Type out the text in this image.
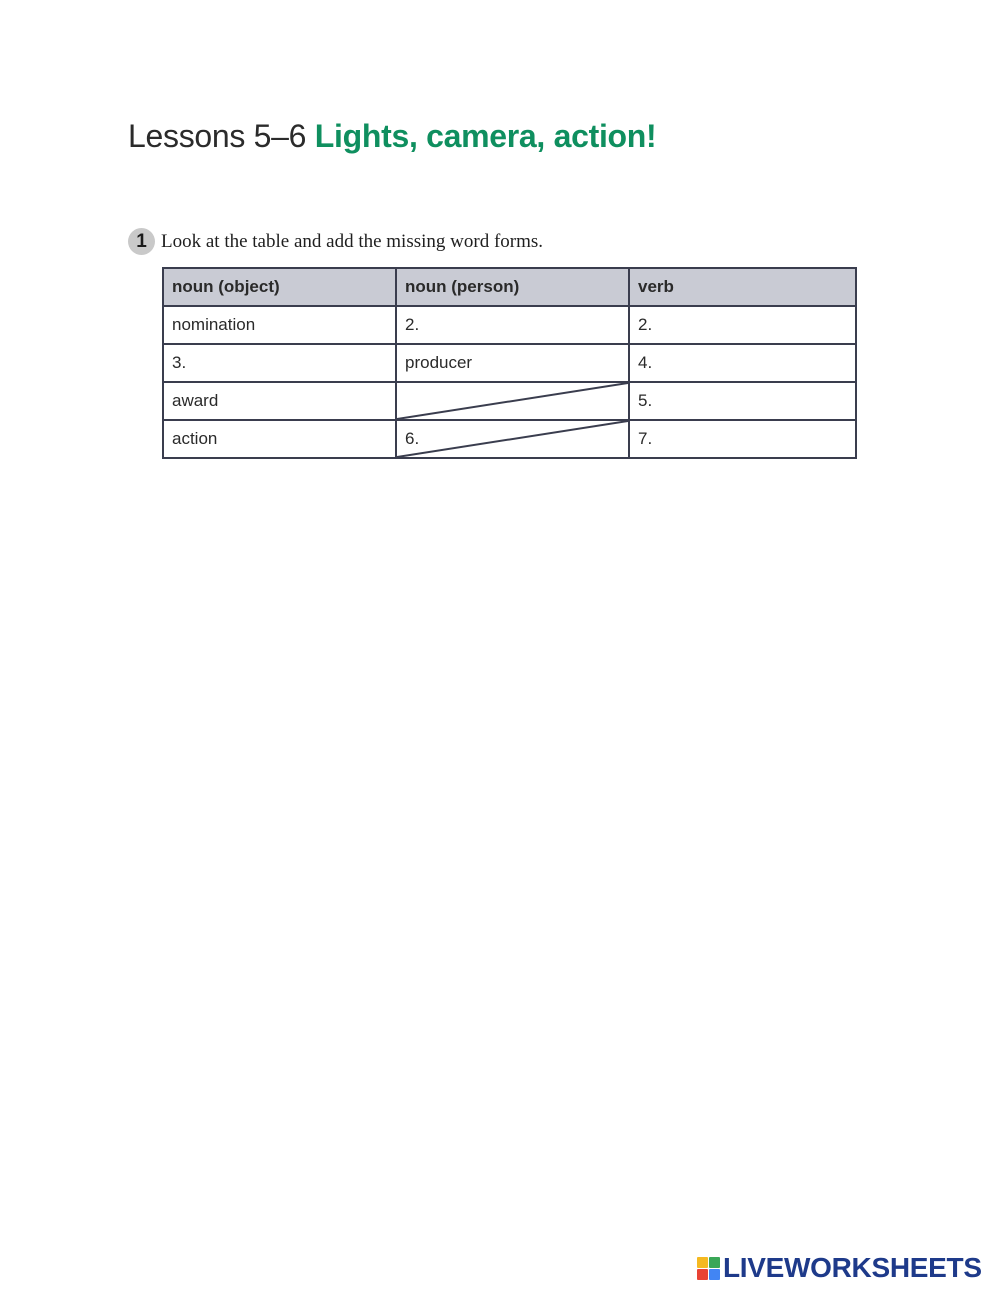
Lessons 5–6 Lights, camera, action!
1 Look at the table and add the missing word forms.
noun (object)	noun (person)	verb
nomination	2.	2.
3.	producer	4.
award		5.
action	6.	7.
LIVEWORKSHEETS
